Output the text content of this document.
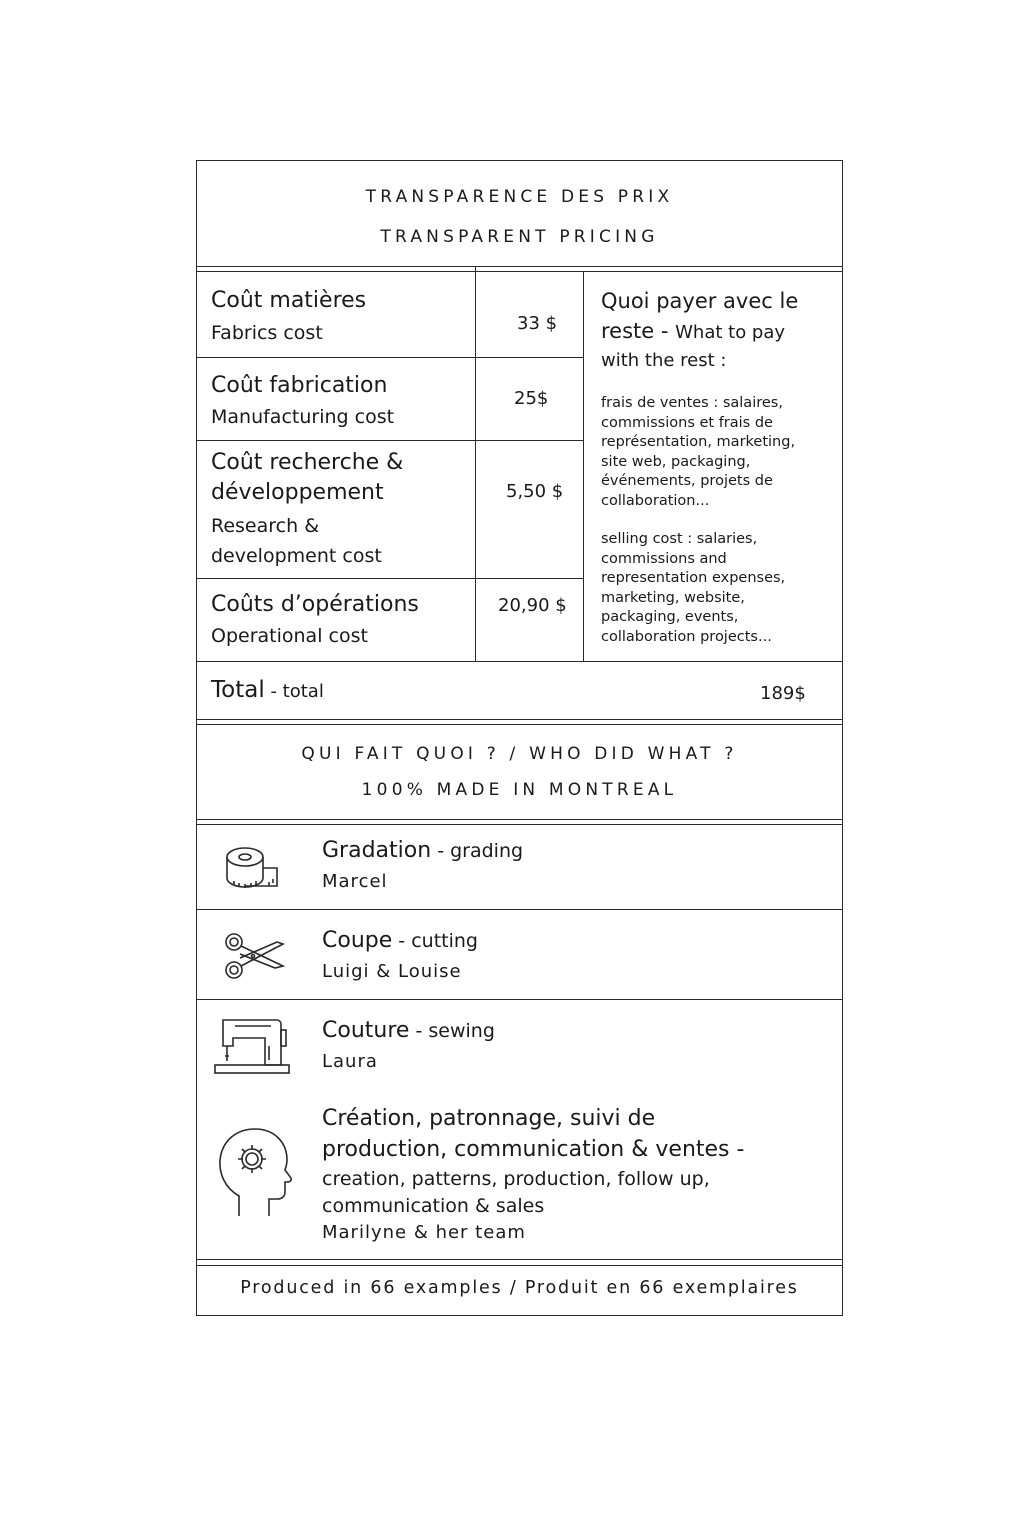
TRANSPARENCE DES PRIX
TRANSPARENT PRICING
Coût matières
Fabrics cost	33 $
Coût fabrication
Manufacturing cost
25$
Coût recherche &
développement
Research &
development cost
5,50 $
Coûts d’opérations
Operational cost
20,90 $
Quoi payer avec le
reste - What to pay
with the rest :
frais de ventes : salaires,
commissions et frais de
représentation, marketing,
site web, packaging,
événements, projets de
collaboration...
selling cost : salaries,
commissions and
representation expenses,
marketing, website,
packaging, events,
collaboration projects...
Total - total	189$
QUI FAIT QUOI ? / WHO DID WHAT ?
100% MADE IN MONTREAL
Gradation - grading
Marcel
Coupe - cutting
Luigi & Louise
Couture - sewing
Laura
Création, patronnage, suivi de
production, communication & ventes -
creation, patterns, production, follow up,
communication & sales
Marilyne & her team
Produced in 66 examples / Produit en 66 exemplaires
